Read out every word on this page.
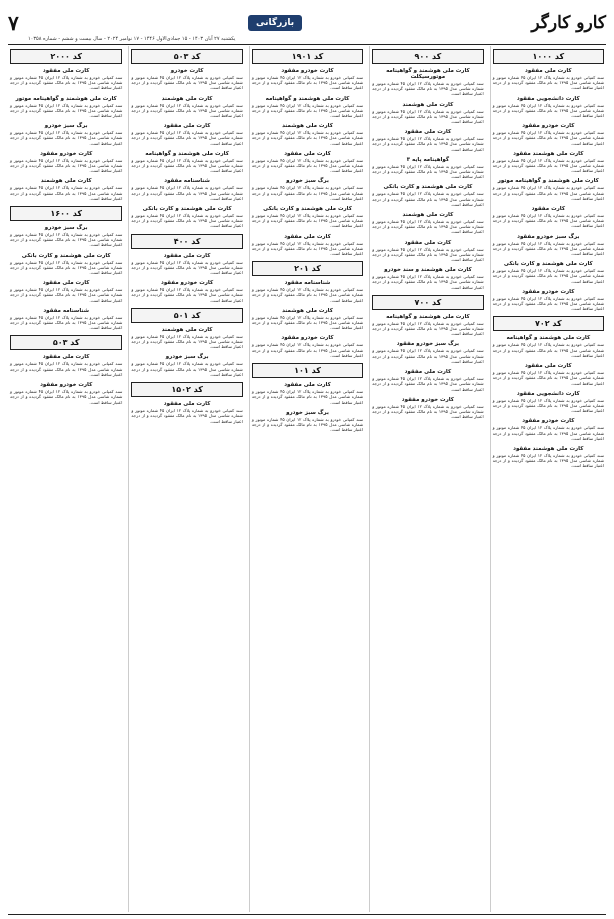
کارو کارگر
بازرگانی
۷
یکشنبه ۲۷ آبان ۱۴۰۳ - ۱۵ جمادی‌الاول ۱۴۴۶ - ۱۷ نوامبر ۲۰۲۴ - سال بیست و ششم - شماره ۱۰۳۵۸
کد ۱۰۰۰
کارت ملی مفقود
سند کمپانی خودرو به شماره پلاک ۱۲ ایران ۴۵ شماره موتور و شماره شاسی مدل ۱۳۹۵ به نام مالک مفقود گردیده و از درجه اعتبار ساقط است.
کارت دانشجویی مفقود
سند کمپانی خودرو به شماره پلاک ۱۲ ایران ۴۵ شماره موتور و شماره شاسی مدل ۱۳۹۵ به نام مالک مفقود گردیده و از درجه اعتبار ساقط است.
کارت خودرو مفقود
سند کمپانی خودرو به شماره پلاک ۱۲ ایران ۴۵ شماره موتور و شماره شاسی مدل ۱۳۹۵ به نام مالک مفقود گردیده و از درجه اعتبار ساقط است.
کارت ملی هوشمند مفقود
سند کمپانی خودرو به شماره پلاک ۱۲ ایران ۴۵ شماره موتور و شماره شاسی مدل ۱۳۹۵ به نام مالک مفقود گردیده و از درجه اعتبار ساقط است.
کارت ملی هوشمند و گواهینامه موتور
سند کمپانی خودرو به شماره پلاک ۱۲ ایران ۴۵ شماره موتور و شماره شاسی مدل ۱۳۹۵ به نام مالک مفقود گردیده و از درجه اعتبار ساقط است.
کارت مفقود
سند کمپانی خودرو به شماره پلاک ۱۲ ایران ۴۵ شماره موتور و شماره شاسی مدل ۱۳۹۵ به نام مالک مفقود گردیده و از درجه اعتبار ساقط است.
برگ سبز خودرو مفقود
سند کمپانی خودرو به شماره پلاک ۱۲ ایران ۴۵ شماره موتور و شماره شاسی مدل ۱۳۹۵ به نام مالک مفقود گردیده و از درجه اعتبار ساقط است.
کارت ملی هوشمند و کارت بانکی
سند کمپانی خودرو به شماره پلاک ۱۲ ایران ۴۵ شماره موتور و شماره شاسی مدل ۱۳۹۵ به نام مالک مفقود گردیده و از درجه اعتبار ساقط است.
کارت خودرو مفقود
سند کمپانی خودرو به شماره پلاک ۱۲ ایران ۴۵ شماره موتور و شماره شاسی مدل ۱۳۹۵ به نام مالک مفقود گردیده و از درجه اعتبار ساقط است.
کد ۷۰۲
کارت ملی هوشمند و گواهینامه
سند کمپانی خودرو به شماره پلاک ۱۲ ایران ۴۵ شماره موتور و شماره شاسی مدل ۱۳۹۵ به نام مالک مفقود گردیده و از درجه اعتبار ساقط است.
کارت ملی مفقود
سند کمپانی خودرو به شماره پلاک ۱۲ ایران ۴۵ شماره موتور و شماره شاسی مدل ۱۳۹۵ به نام مالک مفقود گردیده و از درجه اعتبار ساقط است.
کارت دانشجویی مفقود
سند کمپانی خودرو به شماره پلاک ۱۲ ایران ۴۵ شماره موتور و شماره شاسی مدل ۱۳۹۵ به نام مالک مفقود گردیده و از درجه اعتبار ساقط است.
کارت خودرو مفقود
سند کمپانی خودرو به شماره پلاک ۱۲ ایران ۴۵ شماره موتور و شماره شاسی مدل ۱۳۹۵ به نام مالک مفقود گردیده و از درجه اعتبار ساقط است.
کارت ملی هوشمند مفقود
سند کمپانی خودرو به شماره پلاک ۱۲ ایران ۴۵ شماره موتور و شماره شاسی مدل ۱۳۹۵ به نام مالک مفقود گردیده و از درجه اعتبار ساقط است.
کد ۹۰۰
کارت ملی هوشمند و گواهینامه موتورسیکلت
سند کمپانی خودرو به شماره پلاک ۱۲ ایران ۴۵ شماره موتور و شماره شاسی مدل ۱۳۹۵ به نام مالک مفقود گردیده و از درجه اعتبار ساقط است.
کارت ملی هوشمند
سند کمپانی خودرو به شماره پلاک ۱۲ ایران ۴۵ شماره موتور و شماره شاسی مدل ۱۳۹۵ به نام مالک مفقود گردیده و از درجه اعتبار ساقط است.
کارت ملی مفقود
سند کمپانی خودرو به شماره پلاک ۱۲ ایران ۴۵ شماره موتور و شماره شاسی مدل ۱۳۹۵ به نام مالک مفقود گردیده و از درجه اعتبار ساقط است.
گواهینامه پایه ۳
سند کمپانی خودرو به شماره پلاک ۱۲ ایران ۴۵ شماره موتور و شماره شاسی مدل ۱۳۹۵ به نام مالک مفقود گردیده و از درجه اعتبار ساقط است.
کارت ملی هوشمند و کارت بانکی
سند کمپانی خودرو به شماره پلاک ۱۲ ایران ۴۵ شماره موتور و شماره شاسی مدل ۱۳۹۵ به نام مالک مفقود گردیده و از درجه اعتبار ساقط است.
کارت ملی هوشمند
سند کمپانی خودرو به شماره پلاک ۱۲ ایران ۴۵ شماره موتور و شماره شاسی مدل ۱۳۹۵ به نام مالک مفقود گردیده و از درجه اعتبار ساقط است.
کارت ملی مفقود
سند کمپانی خودرو به شماره پلاک ۱۲ ایران ۴۵ شماره موتور و شماره شاسی مدل ۱۳۹۵ به نام مالک مفقود گردیده و از درجه اعتبار ساقط است.
کارت ملی هوشمند و سند خودرو
سند کمپانی خودرو به شماره پلاک ۱۲ ایران ۴۵ شماره موتور و شماره شاسی مدل ۱۳۹۵ به نام مالک مفقود گردیده و از درجه اعتبار ساقط است.
کد ۷۰۰
کارت ملی هوشمند و گواهینامه
سند کمپانی خودرو به شماره پلاک ۱۲ ایران ۴۵ شماره موتور و شماره شاسی مدل ۱۳۹۵ به نام مالک مفقود گردیده و از درجه اعتبار ساقط است.
برگ سبز خودرو مفقود
سند کمپانی خودرو به شماره پلاک ۱۲ ایران ۴۵ شماره موتور و شماره شاسی مدل ۱۳۹۵ به نام مالک مفقود گردیده و از درجه اعتبار ساقط است.
کارت ملی مفقود
سند کمپانی خودرو به شماره پلاک ۱۲ ایران ۴۵ شماره موتور و شماره شاسی مدل ۱۳۹۵ به نام مالک مفقود گردیده و از درجه اعتبار ساقط است.
کارت خودرو مفقود
سند کمپانی خودرو به شماره پلاک ۱۲ ایران ۴۵ شماره موتور و شماره شاسی مدل ۱۳۹۵ به نام مالک مفقود گردیده و از درجه اعتبار ساقط است.
کد ۱۹۰۱
کارت خودرو مفقود
سند کمپانی خودرو به شماره پلاک ۱۲ ایران ۴۵ شماره موتور و شماره شاسی مدل ۱۳۹۵ به نام مالک مفقود گردیده و از درجه اعتبار ساقط است.
کارت ملی هوشمند و گواهینامه
سند کمپانی خودرو به شماره پلاک ۱۲ ایران ۴۵ شماره موتور و شماره شاسی مدل ۱۳۹۵ به نام مالک مفقود گردیده و از درجه اعتبار ساقط است.
کارت ملی هوشمند
سند کمپانی خودرو به شماره پلاک ۱۲ ایران ۴۵ شماره موتور و شماره شاسی مدل ۱۳۹۵ به نام مالک مفقود گردیده و از درجه اعتبار ساقط است.
کارت ملی مفقود
سند کمپانی خودرو به شماره پلاک ۱۲ ایران ۴۵ شماره موتور و شماره شاسی مدل ۱۳۹۵ به نام مالک مفقود گردیده و از درجه اعتبار ساقط است.
برگ سبز خودرو
سند کمپانی خودرو به شماره پلاک ۱۲ ایران ۴۵ شماره موتور و شماره شاسی مدل ۱۳۹۵ به نام مالک مفقود گردیده و از درجه اعتبار ساقط است.
کارت ملی هوشمند و کارت بانکی
سند کمپانی خودرو به شماره پلاک ۱۲ ایران ۴۵ شماره موتور و شماره شاسی مدل ۱۳۹۵ به نام مالک مفقود گردیده و از درجه اعتبار ساقط است.
کارت ملی مفقود
سند کمپانی خودرو به شماره پلاک ۱۲ ایران ۴۵ شماره موتور و شماره شاسی مدل ۱۳۹۵ به نام مالک مفقود گردیده و از درجه اعتبار ساقط است.
کد ۲۰۱
شناسنامه مفقود
سند کمپانی خودرو به شماره پلاک ۱۲ ایران ۴۵ شماره موتور و شماره شاسی مدل ۱۳۹۵ به نام مالک مفقود گردیده و از درجه اعتبار ساقط است.
کارت ملی هوشمند
سند کمپانی خودرو به شماره پلاک ۱۲ ایران ۴۵ شماره موتور و شماره شاسی مدل ۱۳۹۵ به نام مالک مفقود گردیده و از درجه اعتبار ساقط است.
کارت خودرو مفقود
سند کمپانی خودرو به شماره پلاک ۱۲ ایران ۴۵ شماره موتور و شماره شاسی مدل ۱۳۹۵ به نام مالک مفقود گردیده و از درجه اعتبار ساقط است.
کد ۱۰۱
کارت ملی مفقود
سند کمپانی خودرو به شماره پلاک ۱۲ ایران ۴۵ شماره موتور و شماره شاسی مدل ۱۳۹۵ به نام مالک مفقود گردیده و از درجه اعتبار ساقط است.
برگ سبز خودرو
سند کمپانی خودرو به شماره پلاک ۱۲ ایران ۴۵ شماره موتور و شماره شاسی مدل ۱۳۹۵ به نام مالک مفقود گردیده و از درجه اعتبار ساقط است.
کد ۵۰۳
کارت خودرو
سند کمپانی خودرو به شماره پلاک ۱۲ ایران ۴۵ شماره موتور و شماره شاسی مدل ۱۳۹۵ به نام مالک مفقود گردیده و از درجه اعتبار ساقط است.
کارت ملی هوشمند
سند کمپانی خودرو به شماره پلاک ۱۲ ایران ۴۵ شماره موتور و شماره شاسی مدل ۱۳۹۵ به نام مالک مفقود گردیده و از درجه اعتبار ساقط است.
کارت ملی مفقود
سند کمپانی خودرو به شماره پلاک ۱۲ ایران ۴۵ شماره موتور و شماره شاسی مدل ۱۳۹۵ به نام مالک مفقود گردیده و از درجه اعتبار ساقط است.
کارت ملی هوشمند و گواهینامه
سند کمپانی خودرو به شماره پلاک ۱۲ ایران ۴۵ شماره موتور و شماره شاسی مدل ۱۳۹۵ به نام مالک مفقود گردیده و از درجه اعتبار ساقط است.
شناسنامه مفقود
سند کمپانی خودرو به شماره پلاک ۱۲ ایران ۴۵ شماره موتور و شماره شاسی مدل ۱۳۹۵ به نام مالک مفقود گردیده و از درجه اعتبار ساقط است.
کارت ملی هوشمند و کارت بانکی
سند کمپانی خودرو به شماره پلاک ۱۲ ایران ۴۵ شماره موتور و شماره شاسی مدل ۱۳۹۵ به نام مالک مفقود گردیده و از درجه اعتبار ساقط است.
کد ۴۰۰
کارت ملی مفقود
سند کمپانی خودرو به شماره پلاک ۱۲ ایران ۴۵ شماره موتور و شماره شاسی مدل ۱۳۹۵ به نام مالک مفقود گردیده و از درجه اعتبار ساقط است.
کارت خودرو مفقود
سند کمپانی خودرو به شماره پلاک ۱۲ ایران ۴۵ شماره موتور و شماره شاسی مدل ۱۳۹۵ به نام مالک مفقود گردیده و از درجه اعتبار ساقط است.
کد ۵۰۱
کارت ملی هوشمند
سند کمپانی خودرو به شماره پلاک ۱۲ ایران ۴۵ شماره موتور و شماره شاسی مدل ۱۳۹۵ به نام مالک مفقود گردیده و از درجه اعتبار ساقط است.
برگ سبز خودرو
سند کمپانی خودرو به شماره پلاک ۱۲ ایران ۴۵ شماره موتور و شماره شاسی مدل ۱۳۹۵ به نام مالک مفقود گردیده و از درجه اعتبار ساقط است.
کد ۱۵۰۲
کارت ملی مفقود
سند کمپانی خودرو به شماره پلاک ۱۲ ایران ۴۵ شماره موتور و شماره شاسی مدل ۱۳۹۵ به نام مالک مفقود گردیده و از درجه اعتبار ساقط است.
کد ۲۰۰۰
کارت ملی مفقود
سند کمپانی خودرو به شماره پلاک ۱۲ ایران ۴۵ شماره موتور و شماره شاسی مدل ۱۳۹۵ به نام مالک مفقود گردیده و از درجه اعتبار ساقط است.
کارت ملی هوشمند و گواهینامه موتور
سند کمپانی خودرو به شماره پلاک ۱۲ ایران ۴۵ شماره موتور و شماره شاسی مدل ۱۳۹۵ به نام مالک مفقود گردیده و از درجه اعتبار ساقط است.
برگ سبز خودرو
سند کمپانی خودرو به شماره پلاک ۱۲ ایران ۴۵ شماره موتور و شماره شاسی مدل ۱۳۹۵ به نام مالک مفقود گردیده و از درجه اعتبار ساقط است.
کارت خودرو مفقود
سند کمپانی خودرو به شماره پلاک ۱۲ ایران ۴۵ شماره موتور و شماره شاسی مدل ۱۳۹۵ به نام مالک مفقود گردیده و از درجه اعتبار ساقط است.
کارت ملی هوشمند
سند کمپانی خودرو به شماره پلاک ۱۲ ایران ۴۵ شماره موتور و شماره شاسی مدل ۱۳۹۵ به نام مالک مفقود گردیده و از درجه اعتبار ساقط است.
کد ۱۶۰۰
برگ سبز خودرو
سند کمپانی خودرو به شماره پلاک ۱۲ ایران ۴۵ شماره موتور و شماره شاسی مدل ۱۳۹۵ به نام مالک مفقود گردیده و از درجه اعتبار ساقط است.
کارت ملی هوشمند و کارت بانکی
سند کمپانی خودرو به شماره پلاک ۱۲ ایران ۴۵ شماره موتور و شماره شاسی مدل ۱۳۹۵ به نام مالک مفقود گردیده و از درجه اعتبار ساقط است.
کارت ملی مفقود
سند کمپانی خودرو به شماره پلاک ۱۲ ایران ۴۵ شماره موتور و شماره شاسی مدل ۱۳۹۵ به نام مالک مفقود گردیده و از درجه اعتبار ساقط است.
شناسنامه مفقود
سند کمپانی خودرو به شماره پلاک ۱۲ ایران ۴۵ شماره موتور و شماره شاسی مدل ۱۳۹۵ به نام مالک مفقود گردیده و از درجه اعتبار ساقط است.
کد ۵۰۳
کارت ملی مفقود
سند کمپانی خودرو به شماره پلاک ۱۲ ایران ۴۵ شماره موتور و شماره شاسی مدل ۱۳۹۵ به نام مالک مفقود گردیده و از درجه اعتبار ساقط است.
کارت خودرو مفقود
سند کمپانی خودرو به شماره پلاک ۱۲ ایران ۴۵ شماره موتور و شماره شاسی مدل ۱۳۹۵ به نام مالک مفقود گردیده و از درجه اعتبار ساقط است.
